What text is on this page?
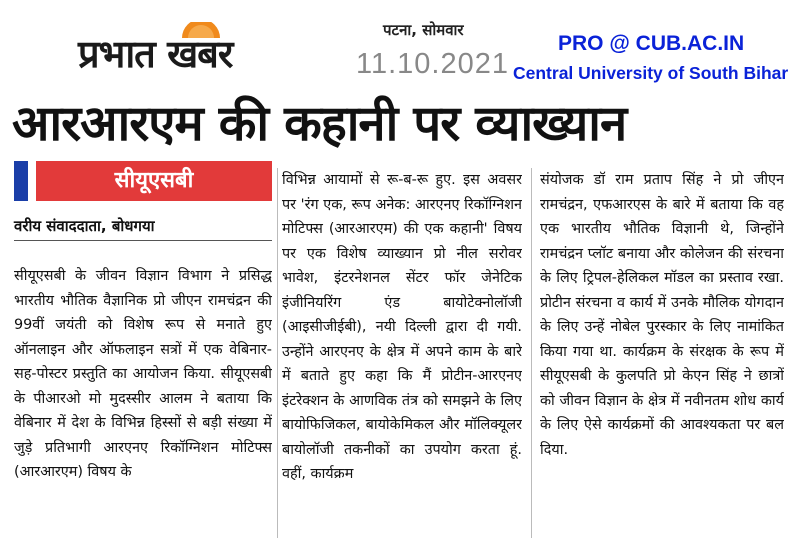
प्रभात खबर
पटना, सोमवार
11.10.2021
PRO @ CUB.AC.IN
Central University of South Bihar
आरआरएम की कहानी पर व्याख्यान
सीयूएसबी
वरीय संवाददाता, बोधगया
सीयूएसबी के जीवन विज्ञान विभाग ने प्रसिद्ध भारतीय भौतिक वैज्ञानिक प्रो जीएन रामचंद्रन की 99वीं जयंती को विशेष रूप से मनाते हुए ऑनलाइन और ऑफलाइन सत्रों में एक वेबिनार-सह-पोस्टर प्रस्तुति का आयोजन किया. सीयूएसबी के पीआरओ मो मुदस्सीर आलम ने बताया कि वेबिनार में देश के विभिन्न हिस्सों से बड़ी संख्या में जुड़े प्रतिभागी आरएनए रिकॉग्निशन मोटिफ्स (आरआरएम) विषय के
विभिन्न आयामों से रू-ब-रू हुए. इस अवसर पर 'रंग एक, रूप अनेक: आरएनए रिकॉग्निशन मोटिफ्स (आरआरएम) की एक कहानी' विषय पर एक विशेष व्याख्यान प्रो नील सरोवर भावेश, इंटरनेशनल सेंटर फॉर जेनेटिक इंजीनियरिंग एंड बायोटेक्नोलॉजी (आइसीजीईबी), नयी दिल्ली द्वारा दी गयी. उन्होंने आरएनए के क्षेत्र में अपने काम के बारे में बताते हुए कहा कि मैं प्रोटीन-आरएनए इंटरेक्शन के आणविक तंत्र को समझने के लिए बायोफिजिकल, बायोकेमिकल और मॉलिक्यूलर बायोलॉजी तकनीकों का उपयोग करता हूं. वहीं, कार्यक्रम
संयोजक डॉ राम प्रताप सिंह ने प्रो जीएन रामचंद्रन, एफआरएस के बारे में बताया कि वह एक भारतीय भौतिक विज्ञानी थे, जिन्होंने रामचंद्रन प्लॉट बनाया और कोलेजन की संरचना के लिए ट्रिपल-हेलिकल मॉडल का प्रस्ताव रखा. प्रोटीन संरचना व कार्य में उनके मौलिक योगदान के लिए उन्हें नोबेल पुरस्कार के लिए नामांकित किया गया था. कार्यक्रम के संरक्षक के रूप में सीयूएसबी के कुलपति प्रो केएन सिंह ने छात्रों को जीवन विज्ञान के क्षेत्र में नवीनतम शोध कार्य के लिए ऐसे कार्यक्रमों की आवश्यकता पर बल दिया.
